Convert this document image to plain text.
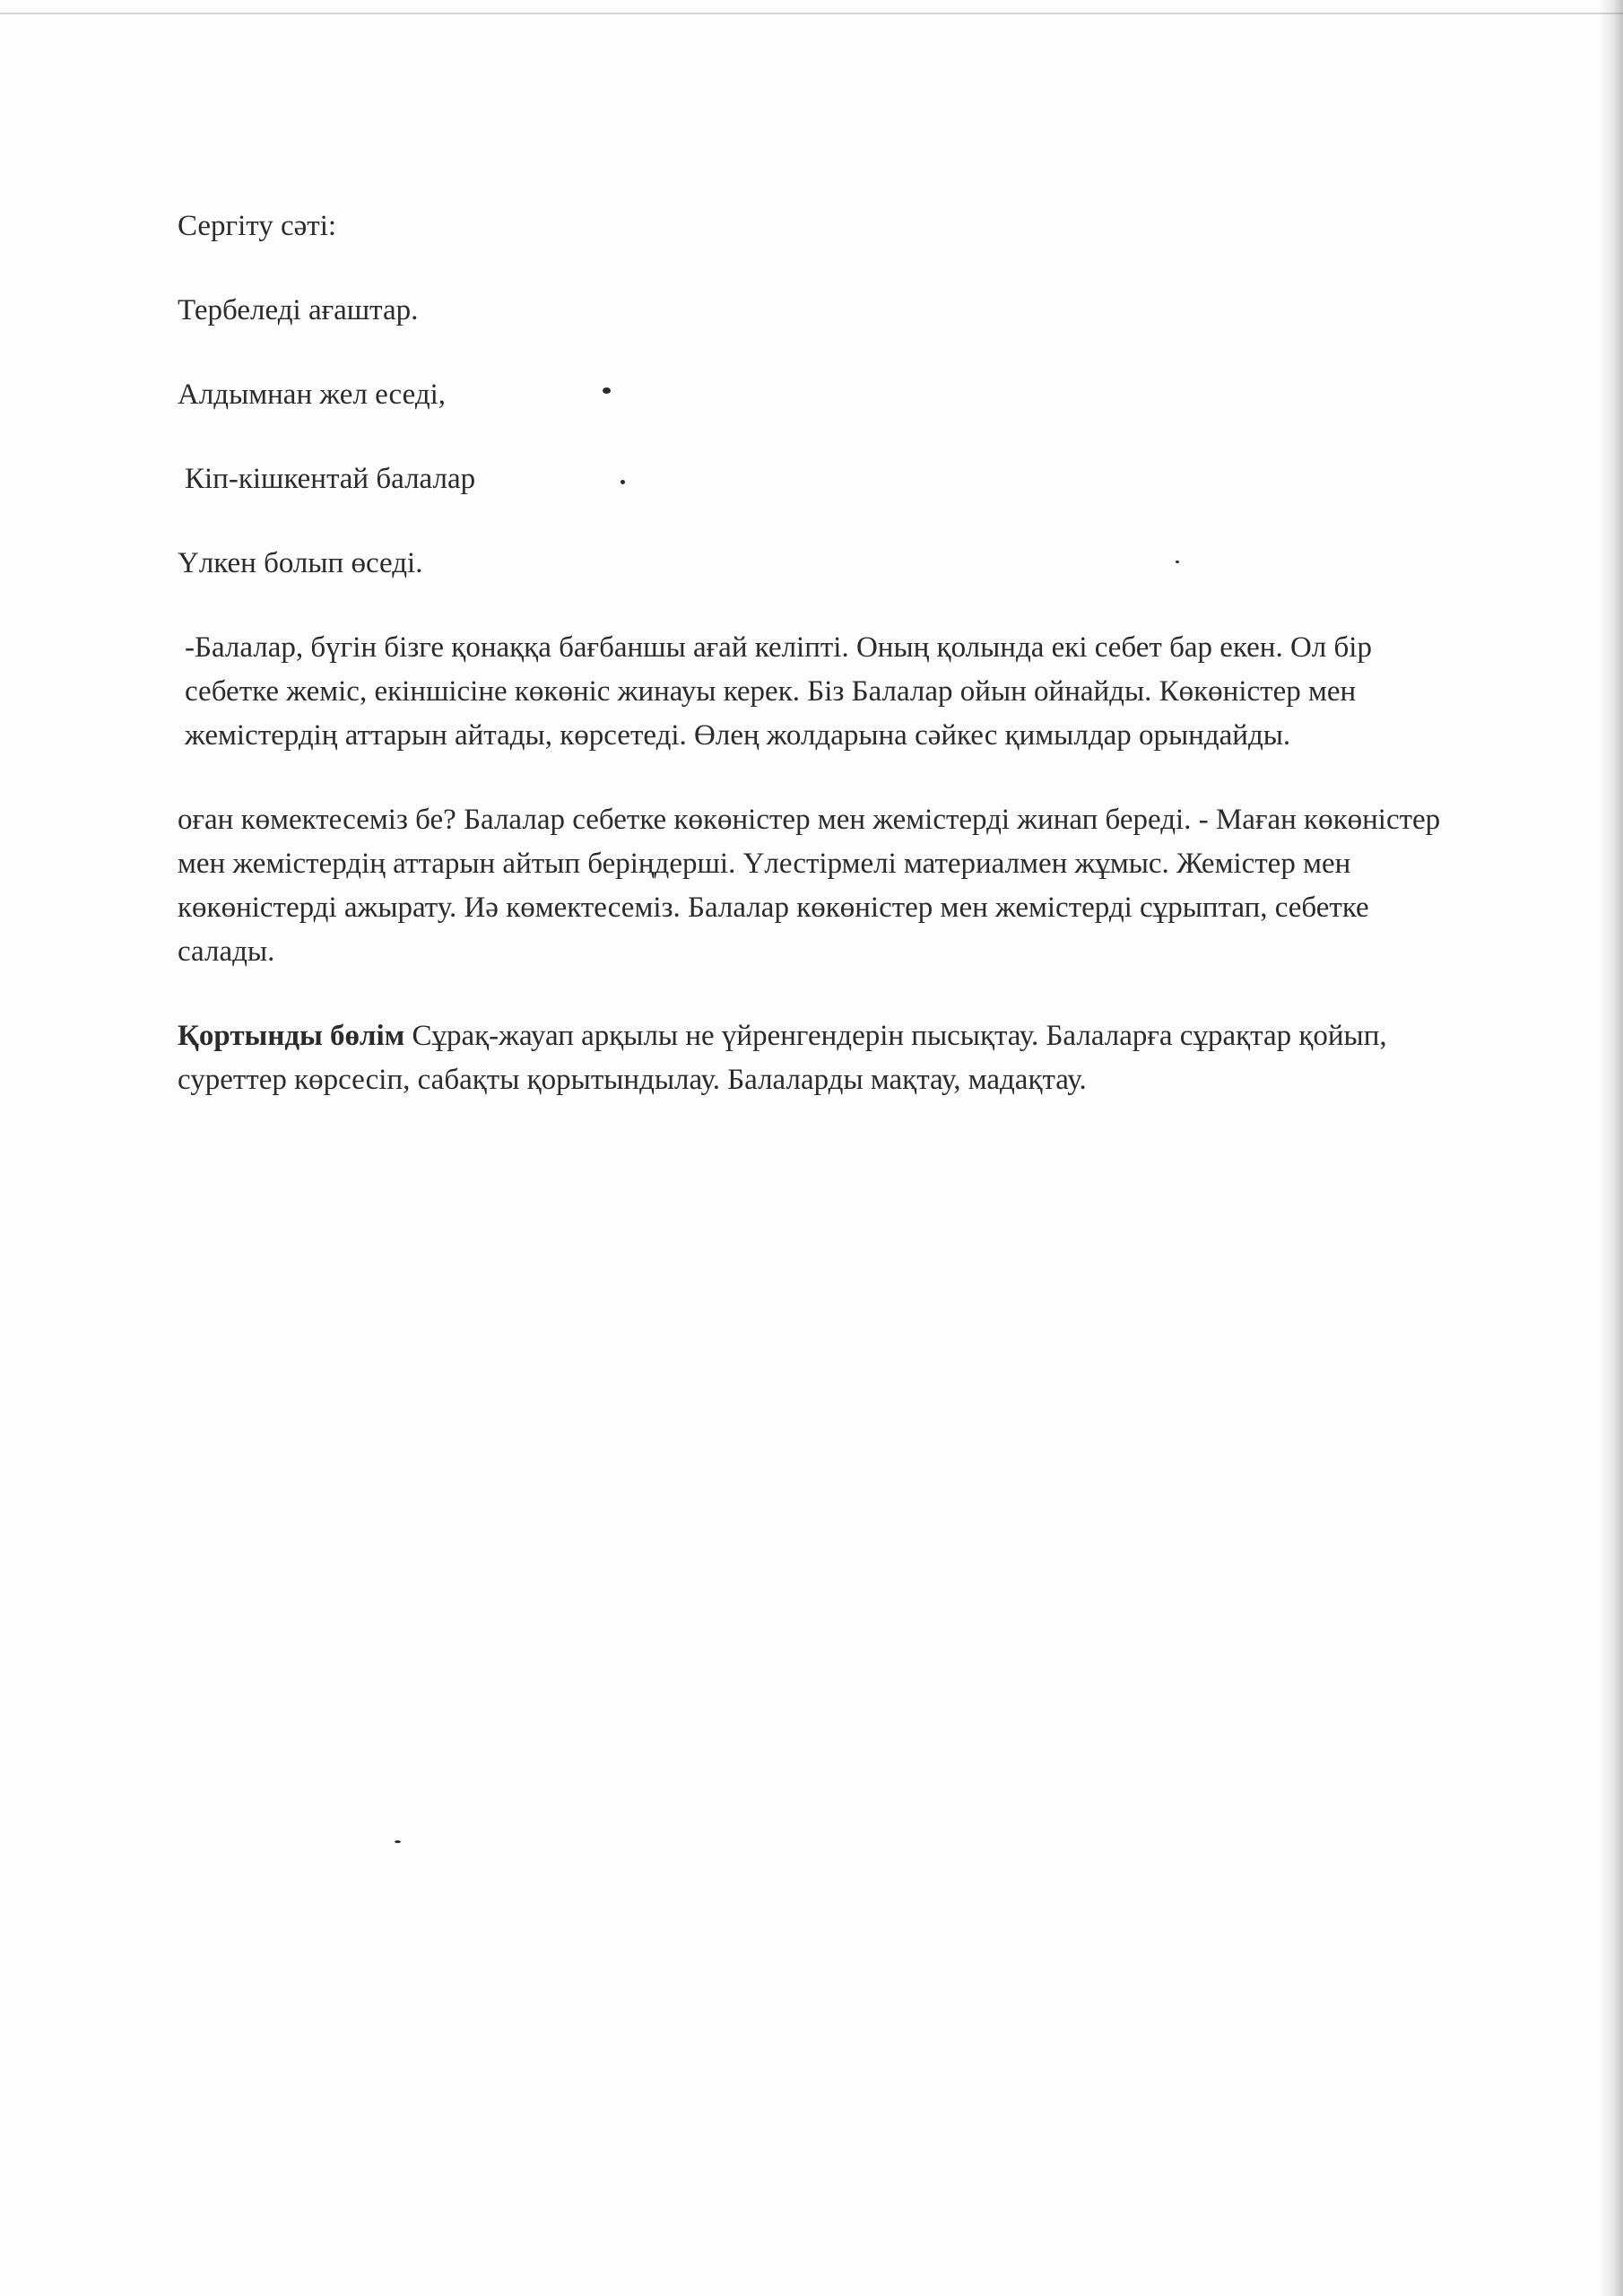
Сергіту сәті:

Тербеледі ағаштар.

Алдымнан жел еседі,

Кіп-кішкентай балалар

Үлкен болып өседі.

-Балалар, бүгін бізге қонаққа бағбаншы ағай келіпті. Оның қолында екі себет бар екен. Ол бір себетке жеміс, екіншісіне көкөніс жинауы керек. Біз Балалар ойын ойнайды. Көкөністер мен жемістердің аттарын айтады, көрсетеді. Өлең жолдарына сәйкес қимылдар орындайды.

оған көмектесеміз бе? Балалар себетке көкөністер мен жемістерді жинап береді. - Маған көкөністер мен жемістердің аттарын айтып беріңдерші. Үлестірмелі материалмен жұмыс. Жемістер мен көкөністерді ажырату. Иә көмектесеміз. Балалар көкөністер мен жемістерді сұрыптап, себетке салады.

Қортынды бөлім Сұрақ-жауап арқылы не үйренгендерін пысықтау. Балаларға сұрақтар қойып, суреттер көрсесіп, сабақты қорытындылау. Балаларды мақтау, мадақтау.
